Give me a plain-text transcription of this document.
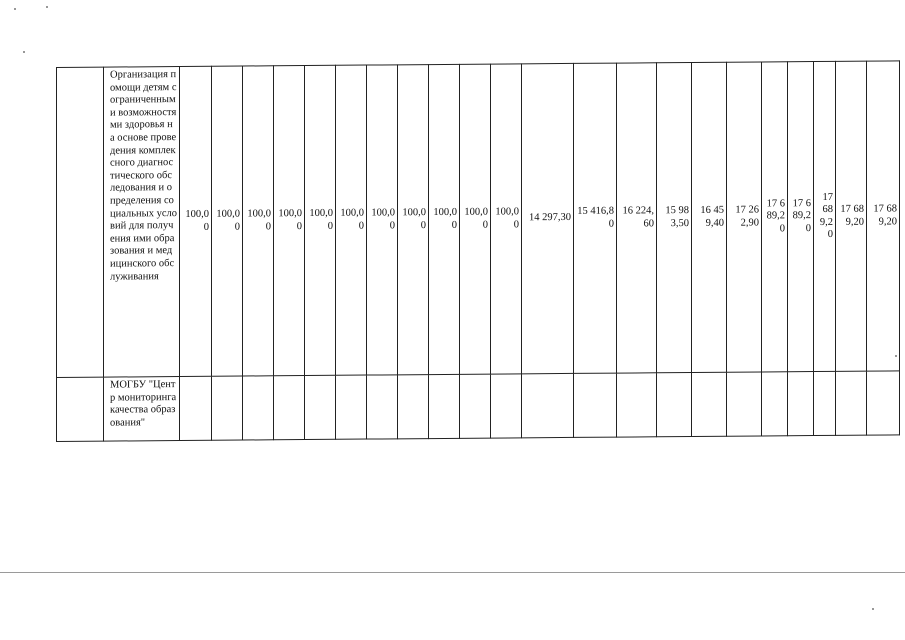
	Организация помощи детям с ограниченными возможностями здоровья на основе проведения комплексного диагностического обследования и определения социальных условий для получения ими образования и медицинского обслуживания	100,00	100,00	100,00	100,00	100,00	100,00	100,00	100,00	100,00	100,00	100,00	14 297,30	15 416,80	16 224,60	15 983,50	16 459,40	17 262,90	17 689,20	17 689,20	17 689,20	17 689,20	17 689,20

	МОГБУ "Центр мониторинга качества образования"																						
